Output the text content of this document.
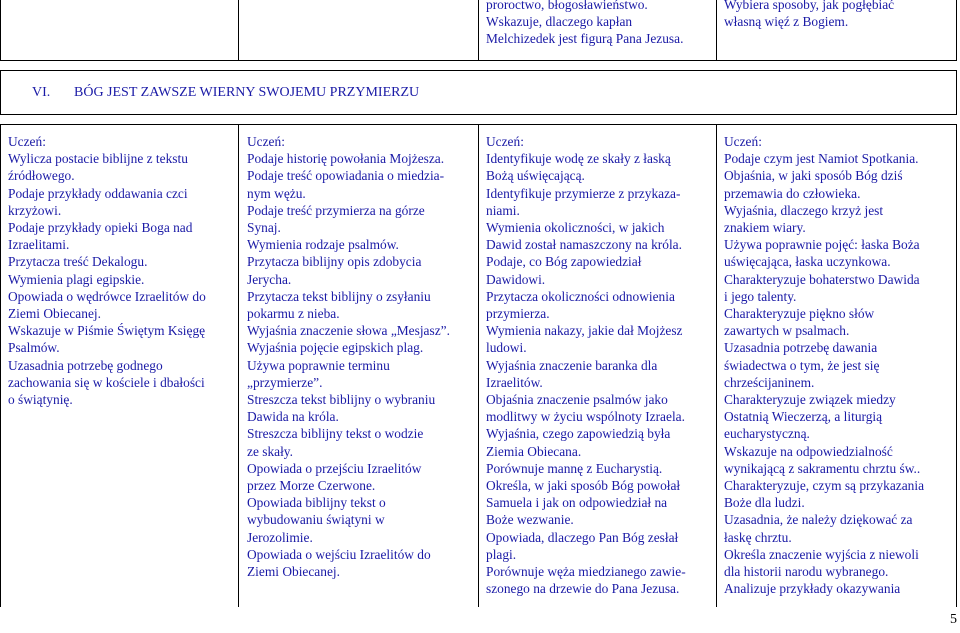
proroctwo, błogosławieństwo.
Wskazuje, dlaczego kapłan
Melchizedek jest figurą Pana Jezusa.
Wybiera sposoby, jak pogłębiać
własną więź z Bogiem.
VI. BÓG JEST ZAWSZE WIERNY SWOJEMU PRZYMIERZU
Uczeń:
Wylicza postacie biblijne z tekstu
źródłowego.
Podaje przykłady oddawania czci
krzyżowi.
Podaje przykłady opieki Boga nad
Izraelitami.
Przytacza treść Dekalogu.
Wymienia plagi egipskie.
Opowiada o wędrówce Izraelitów do
Ziemi Obiecanej.
Wskazuje w Piśmie Świętym Księgę
Psalmów.
Uzasadnia potrzebę godnego
zachowania się w kościele i dbałości
o świątynię.
Uczeń:
Podaje historię powołania Mojżesza.
Podaje treść opowiadania o miedzia-
nym wężu.
Podaje treść przymierza na górze
Synaj.
Wymienia rodzaje psalmów.
Przytacza biblijny opis zdobycia
Jerycha.
Przytacza tekst biblijny o zsyłaniu
pokarmu z nieba.
Wyjaśnia znaczenie słowa „Mesjasz”.
Wyjaśnia pojęcie egipskich plag.
Używa poprawnie terminu
„przymierze”.
Streszcza tekst biblijny o wybraniu
Dawida na króla.
Streszcza biblijny tekst o wodzie
ze skały.
Opowiada o przejściu Izraelitów
przez Morze Czerwone.
Opowiada biblijny tekst o
wybudowaniu świątyni w
Jerozolimie.
Opowiada o wejściu Izraelitów do
Ziemi Obiecanej.
Uczeń:
Identyfikuje wodę ze skały z łaską
Bożą uświęcającą.
Identyfikuje przymierze z przykaza-
niami.
Wymienia okoliczności, w jakich
Dawid został namaszczony na króla.
Podaje, co Bóg zapowiedział
Dawidowi.
Przytacza okoliczności odnowienia
przymierza.
Wymienia nakazy, jakie dał Mojżesz
ludowi.
Wyjaśnia znaczenie baranka dla
Izraelitów.
Objaśnia znaczenie psalmów jako
modlitwy w życiu wspólnoty Izraela.
Wyjaśnia, czego zapowiedzią była
Ziemia Obiecana.
Porównuje mannę z Eucharystią.
Określa, w jaki sposób Bóg powołał
Samuela i jak on odpowiedział na
Boże wezwanie.
Opowiada, dlaczego Pan Bóg zesłał
plagi.
Porównuje węża miedzianego zawie-
szonego na drzewie do Pana Jezusa.
Uczeń:
Podaje czym jest Namiot Spotkania.
Objaśnia, w jaki sposób Bóg dziś
przemawia do człowieka.
Wyjaśnia, dlaczego krzyż jest
znakiem wiary.
Używa poprawnie pojęć: łaska Boża
uświęcająca, łaska uczynkowa.
Charakteryzuje bohaterstwo Dawida
i jego talenty.
Charakteryzuje piękno słów
zawartych w psalmach.
Uzasadnia potrzebę dawania
świadectwa o tym, że jest się
chrześcijaninem.
Charakteryzuje związek miedzy
Ostatnią Wieczerzą, a liturgią
eucharystyczną.
Wskazuje na odpowiedzialność
wynikającą z sakramentu chrztu św..
Charakteryzuje, czym są przykazania
Boże dla ludzi.
Uzasadnia, że należy dziękować za
łaskę chrztu.
Określa znaczenie wyjścia z niewoli
dla historii narodu wybranego.
Analizuje przykłady okazywania
5
